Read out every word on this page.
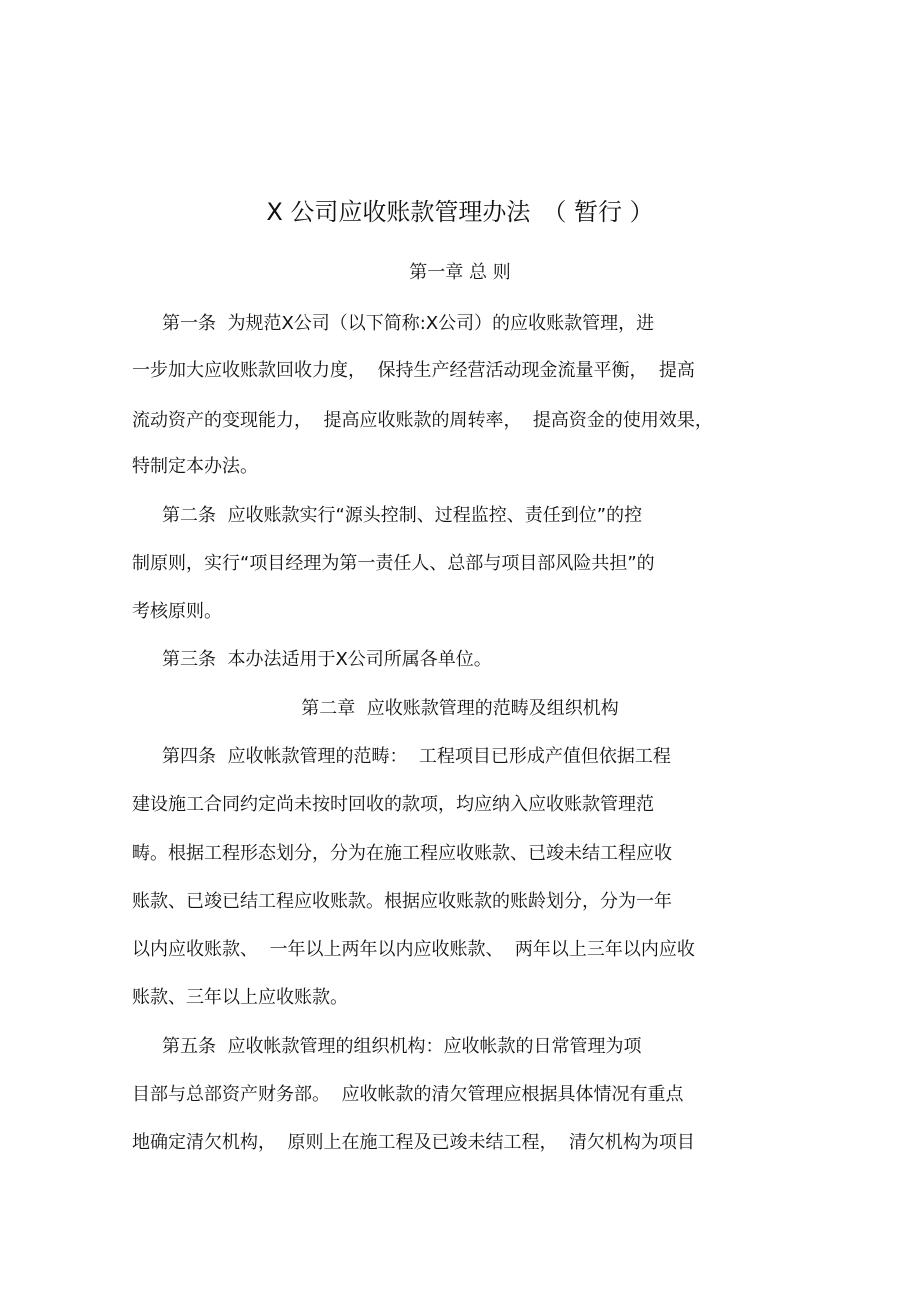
X 公司应收账款管理办法　（ 暂行 ）
第一章 总 则
第一条  为规范X公司（以下简称:X公司）的应收账款管理，进
一步加大应收账款回收力度，  保持生产经营活动现金流量平衡，  提高
流动资产的变现能力，  提高应收账款的周转率，  提高资金的使用效果，
特制定本办法。
第二条  应收账款实行“源头控制、过程监控、责任到位”的控
制原则，实行“项目经理为第一责任人、总部与项目部风险共担”的
考核原则。
第三条  本办法适用于X公司所属各单位。
第二章  应收账款管理的范畴及组织机构
第四条  应收帐款管理的范畴：  工程项目已形成产值但依据工程
建设施工合同约定尚未按时回收的款项，均应纳入应收账款管理范
畴。根据工程形态划分，分为在施工程应收账款、已竣未结工程应收
账款、已竣已结工程应收账款。根据应收账款的账龄划分，分为一年
以内应收账款、  一年以上两年以内应收账款、  两年以上三年以内应收
账款、三年以上应收账款。
第五条  应收帐款管理的组织机构：应收帐款的日常管理为项
目部与总部资产财务部。  应收帐款的清欠管理应根据具体情况有重点
地确定清欠机构，  原则上在施工程及已竣未结工程，  清欠机构为项目
